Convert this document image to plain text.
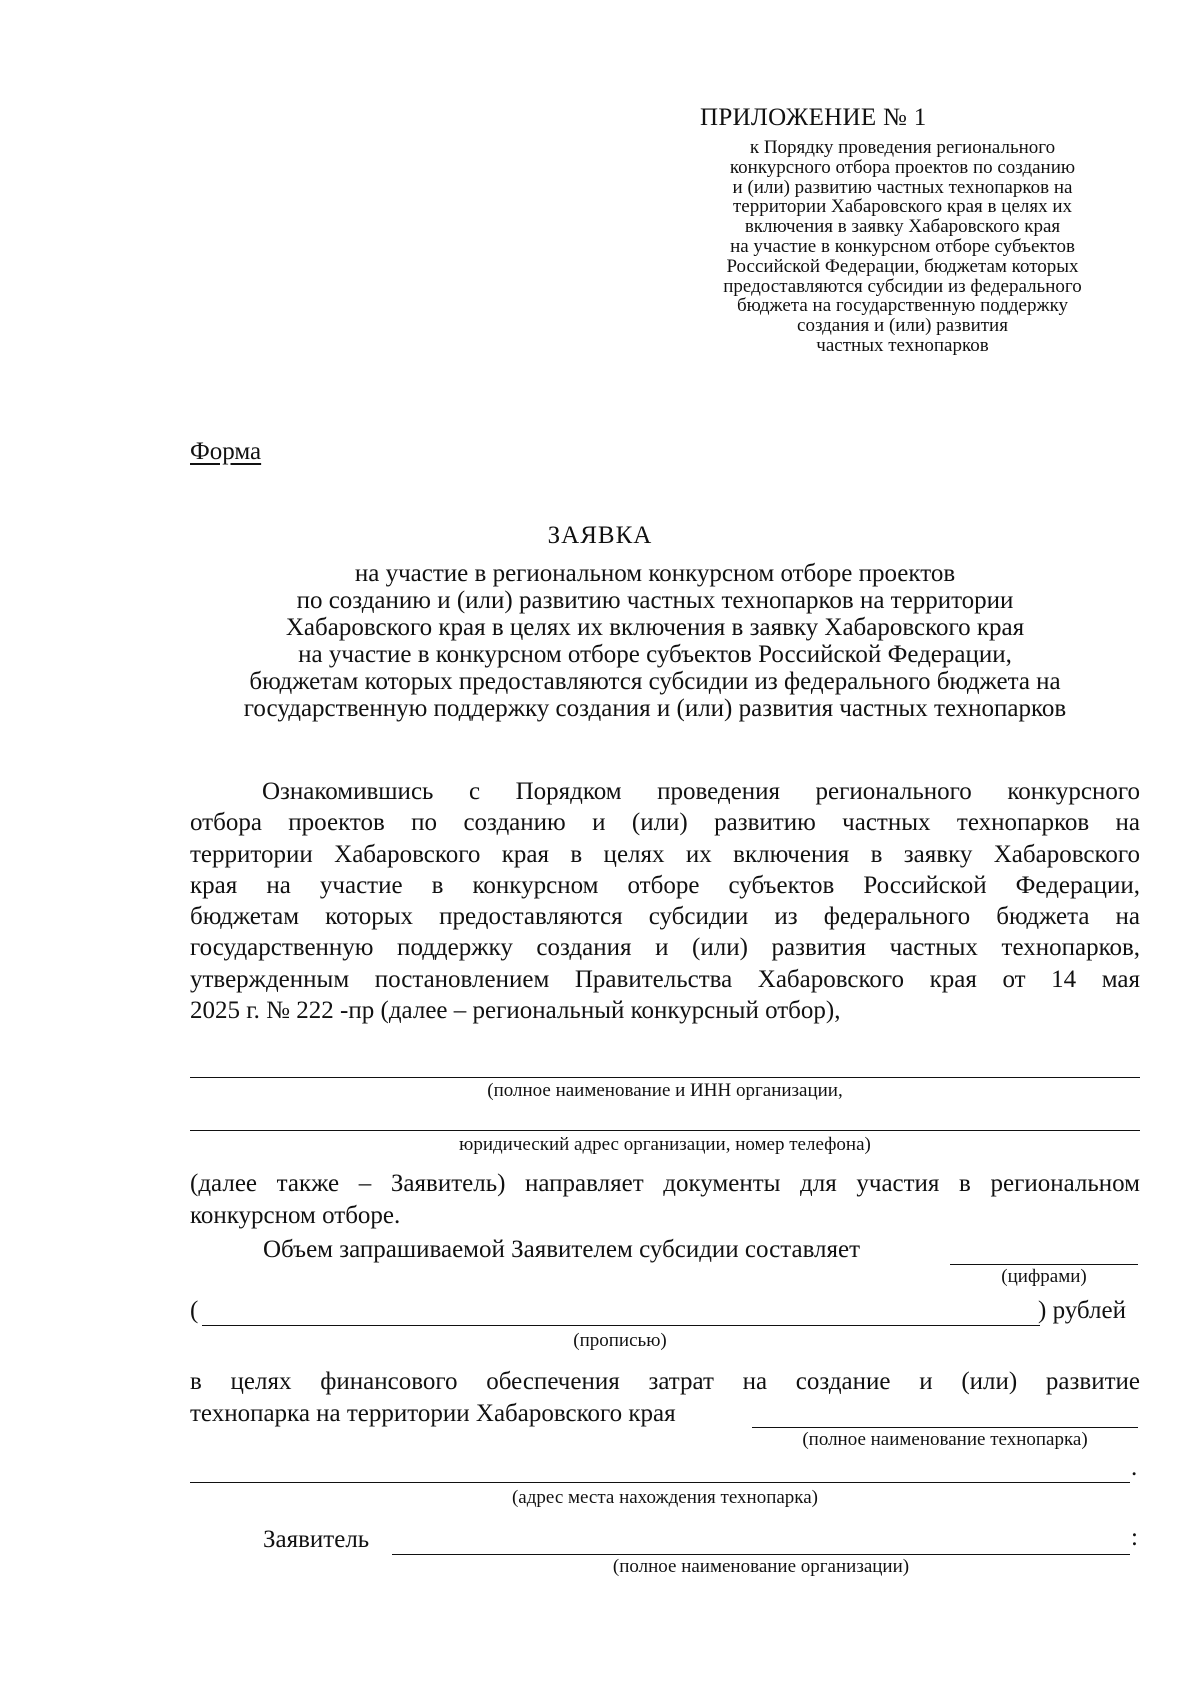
ПРИЛОЖЕНИЕ № 1
к Порядку проведения регионального
конкурсного отбора проектов по созданию
и (или) развитию частных технопарков на
территории Хабаровского края в целях их
включения в заявку Хабаровского края
на участие в конкурсном отборе субъектов
Российской Федерации, бюджетам которых
предоставляются субсидии из федерального
бюджета на государственную поддержку
создания и (или) развития
частных технопарков
Форма
ЗАЯВКА
на участие в региональном конкурсном отборе проектов
по созданию и (или) развитию частных технопарков на территории
Хабаровского края в целях их включения в заявку Хабаровского края
на участие в конкурсном отборе субъектов Российской Федерации,
бюджетам которых предоставляются субсидии из федерального бюджета на
государственную поддержку создания и (или) развития частных технопарков
Ознакомившись с Порядком проведения регионального конкурсного
отбора проектов по созданию и (или) развитию частных технопарков на
территории Хабаровского края в целях их включения в заявку Хабаровского
края на участие в конкурсном отборе субъектов Российской Федерации,
бюджетам которых предоставляются субсидии из федерального бюджета на
государственную поддержку создания и (или) развития частных технопарков,
утвержденным постановлением Правительства Хабаровского края от 14 мая
2025 г. № 222 -пр (далее – региональный конкурсный отбор),
(полное наименование и ИНН организации,
юридический адрес организации, номер телефона)
(далее также – Заявитель) направляет документы для участия в региональном
конкурсном отборе.
Объем запрашиваемой Заявителем субсидии составляет
(цифрами)
(	) рублей
(прописью)
в целях финансового обеспечения затрат на создание и (или) развитие
технопарка на территории Хабаровского края
(полное наименование технопарка)
.
(адрес места нахождения технопарка)
Заявитель	:
(полное наименование организации)
